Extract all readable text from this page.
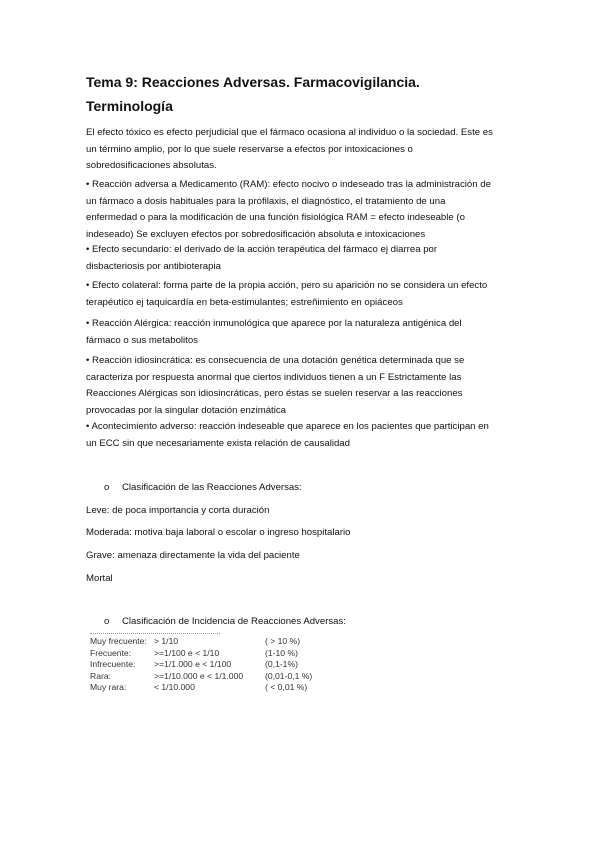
Tema 9: Reacciones Adversas. Farmacovigilancia.
Terminología
El efecto tóxico es efecto perjudicial que el fármaco ocasiona al individuo o la sociedad. Este es
un término amplio, por lo que suele reservarse a efectos por intoxicaciones o
sobredosificaciones absolutas.
• Reacción adversa a Medicamento (RAM): efecto nocivo o indeseado tras la administración de
un fármaco a dosis habituales para la profilaxis, el diagnóstico, el tratamiento de una
enfermedad o para la modificación de una función fisiológica RAM = efecto indeseable (o
indeseado) Se excluyen efectos por sobredosificación absoluta e intoxicaciones
• Efecto secundario: el derivado de la acción terapéutica del fármaco ej diarrea por
disbacteriosis por antibioterapia
• Efecto colateral: forma parte de la propia acción, pero su aparición no se considera un efecto
terapéutico ej taquicardía en beta-estimulantes; estreñimiento en opiáceos
• Reacción Alérgica: reacción inmunológica que aparece por la naturaleza antigénica del
fármaco o sus metabolitos
• Reacción idiosincrática: es consecuencia de una dotación genética determinada que se
caracteriza por respuesta anormal que ciertos individuos tienen a un F Estrictamente las
Reacciones Alérgicas son idiosincráticas, pero éstas se suelen reservar a las reacciones
provocadas por la singular dotación enzimática
• Acontecimiento adverso: reacción indeseable que aparece en los pacientes que participan en
un ECC sin que necesariamente exista relación de causalidad
o Clasificación de las Reacciones Adversas:
Leve: de poca importancia y corta duración
Moderada: motiva baja laboral o escolar o ingreso hospitalario
Grave: amenaza directamente la vida del paciente
Mortal
o Clasificación de Incidencia de Reacciones Adversas:
Muy frecuente: > 1/10	( > 10 %)
Frecuente:	>=1/100 e < 1/10	(1-10 %)
Infrecuente: >=1/1.000 e < 1/100	(0,1-1%)
Rara:	>=1/10.000 e < 1/1.000	(0,01-0,1 %)
Muy rara:	< 1/10.000	( < 0,01 %)
